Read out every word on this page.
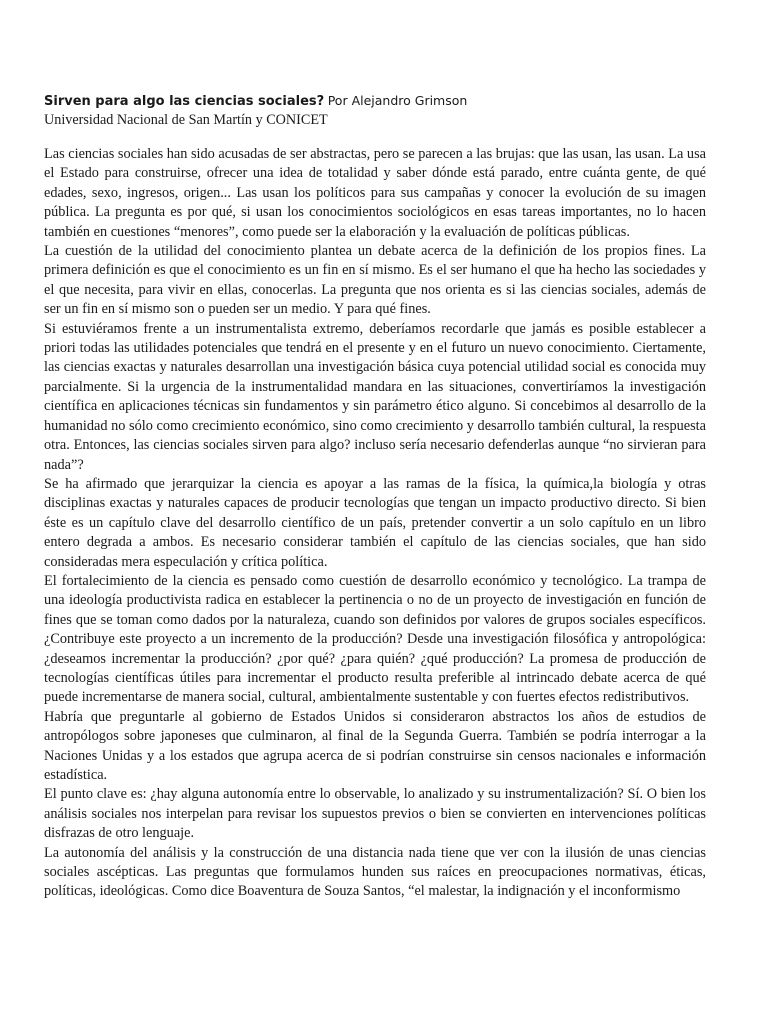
Sirven para algo las ciencias sociales? Por Alejandro Grimson
Universidad Nacional de San Martín y CONICET

Las ciencias sociales han sido acusadas de ser abstractas, pero se parecen a las brujas: que las usan, las usan. La usa el Estado para construirse, ofrecer una idea de totalidad y saber dónde está parado, entre cuánta gente, de qué edades, sexo, ingresos, origen... Las usan los políticos para sus campañas y conocer la evolución de su imagen pública. La pregunta es por qué, si usan los conocimientos sociológicos en esas tareas importantes, no lo hacen también en cuestiones “menores”, como puede ser la elaboración y la evaluación de políticas públicas.

La cuestión de la utilidad del conocimiento plantea un debate acerca de la definición de los propios fines. La primera definición es que el conocimiento es un fin en sí mismo. Es el ser humano el que ha hecho las sociedades y el que necesita, para vivir en ellas, conocerlas. La pregunta que nos orienta es si las ciencias sociales, además de ser un fin en sí mismo son o pueden ser un medio. Y para qué fines.

Si estuviéramos frente a un instrumentalista extremo, deberíamos recordarle que jamás es posible establecer a priori todas las utilidades potenciales que tendrá en el presente y en el futuro un nuevo conocimiento. Ciertamente, las ciencias exactas y naturales desarrollan una investigación básica cuya potencial utilidad social es conocida muy parcialmente. Si la urgencia de la instrumentalidad mandara en las situaciones, convertiríamos la investigación científica en aplicaciones técnicas sin fundamentos y sin parámetro ético alguno. Si concebimos al desarrollo de la humanidad no sólo como crecimiento económico, sino como crecimiento y desarrollo también cultural, la respuesta otra. Entonces, las ciencias sociales sirven para algo? incluso sería necesario defenderlas aunque “no sirvieran para nada”?

Se ha afirmado que jerarquizar la ciencia es apoyar a las ramas de la física, la química,la biología y otras disciplinas exactas y naturales capaces de producir tecnologías que tengan un impacto productivo directo. Si bien éste es un capítulo clave del desarrollo científico de un país, pretender convertir a un solo capítulo en un libro entero degrada a ambos. Es necesario considerar también el capítulo de las ciencias sociales, que han sido consideradas mera especulación y crítica política.

El fortalecimiento de la ciencia es pensado como cuestión de desarrollo económico y tecnológico. La trampa de una ideología productivista radica en establecer la pertinencia o no de un proyecto de investigación en función de fines que se toman como dados por la naturaleza, cuando son definidos por valores de grupos sociales específicos. ¿Contribuye este proyecto a un incremento de la producción? Desde una investigación filosófica y antropológica: ¿deseamos incrementar la producción? ¿por qué? ¿para quién? ¿qué producción? La promesa de producción de tecnologías científicas útiles para incrementar el producto resulta preferible al intrincado debate acerca de qué puede incrementarse de manera social, cultural, ambientalmente sustentable y con fuertes efectos redistributivos.

Habría que preguntarle al gobierno de Estados Unidos si consideraron abstractos los años de estudios de antropólogos sobre japoneses que culminaron, al final de la Segunda Guerra. También se podría interrogar a la Naciones Unidas y a los estados que agrupa acerca de si podrían construirse sin censos nacionales e información estadística.

El punto clave es: ¿hay alguna autonomía entre lo observable, lo analizado y su instrumentalización? Sí. O bien los análisis sociales nos interpelan para revisar los supuestos previos o bien se convierten en intervenciones políticas disfrazas de otro lenguaje.

La autonomía del análisis y la construcción de una distancia nada tiene que ver con la ilusión de unas ciencias sociales ascépticas. Las preguntas que formulamos hunden sus raíces en preocupaciones normativas, éticas, políticas, ideológicas. Como dice Boaventura de Souza Santos, “el malestar, la indignación y el inconformismo
